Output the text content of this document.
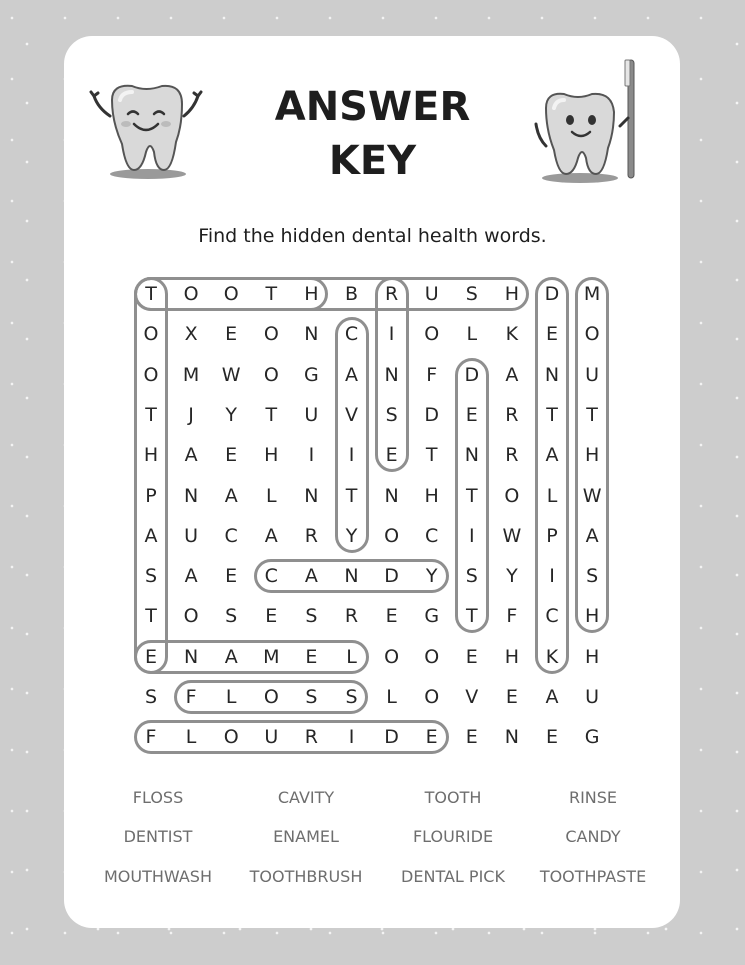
ANSWER
KEY
Find the hidden dental health words.
T	O	O	T	H	B	R	U	S	H	D	M
O	X	E	O	N	C	I	O	L	K	E	O
O	M	W	O	G	A	N	F	D	A	N	U
T	J	Y	T	U	V	S	D	E	R	T	T
H	A	E	H	I	I	E	T	N	R	A	H
P	N	A	L	N	T	N	H	T	O	L	W
A	U	C	A	R	Y	O	C	I	W	P	A
S	A	E	C	A	N	D	Y	S	Y	I	S
T	O	S	E	S	R	E	G	T	F	C	H
E	N	A	M	E	L	O	O	E	H	K	H
S	F	L	O	S	S	L	O	V	E	A	U
F	L	O	U	R	I	D	E	E	N	E	G
FLOSS	CAVITY	TOOTH	RINSE
DENTIST	ENAMEL	FLOURIDE	CANDY
MOUTHWASH	TOOTHBRUSH	DENTAL PICK	TOOTHPASTE
